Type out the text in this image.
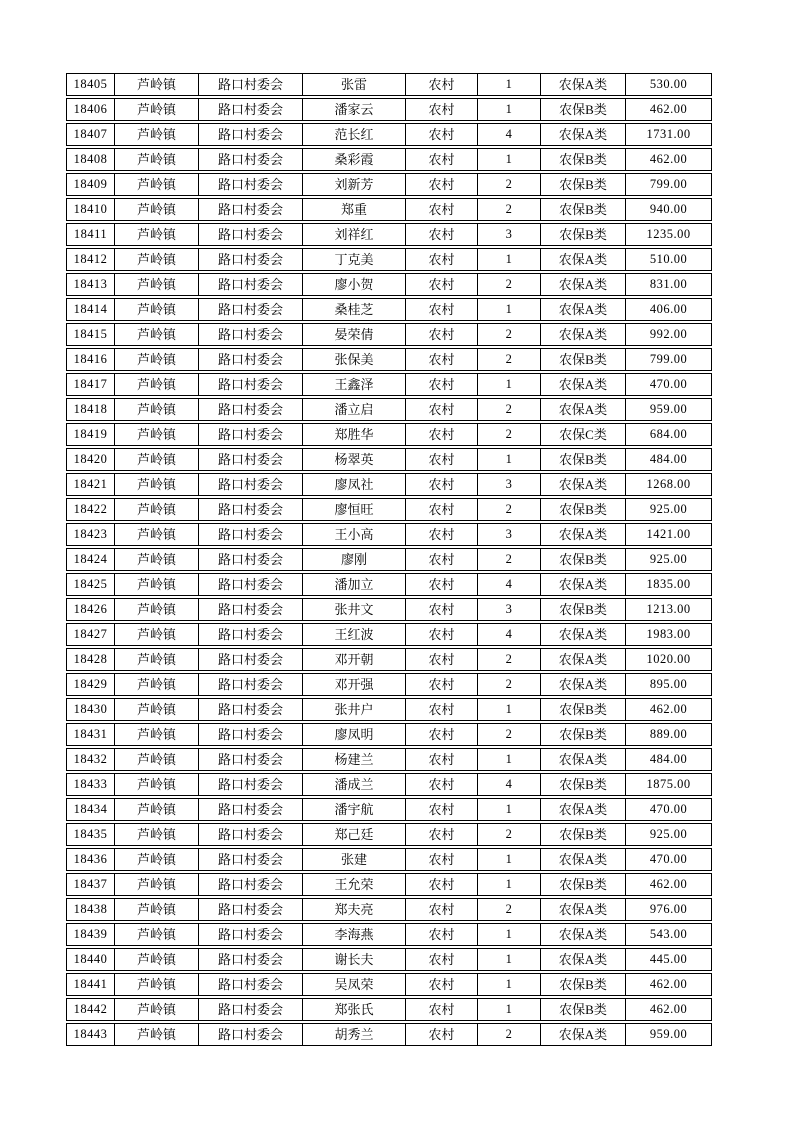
18405	芦岭镇	路口村委会	张雷	农村	1	农保A类	530.00
18406	芦岭镇	路口村委会	潘家云	农村	1	农保B类	462.00
18407	芦岭镇	路口村委会	范长红	农村	4	农保A类	1731.00
18408	芦岭镇	路口村委会	桑彩霞	农村	1	农保B类	462.00
18409	芦岭镇	路口村委会	刘新芳	农村	2	农保B类	799.00
18410	芦岭镇	路口村委会	郑重	农村	2	农保B类	940.00
18411	芦岭镇	路口村委会	刘祥红	农村	3	农保B类	1235.00
18412	芦岭镇	路口村委会	丁克美	农村	1	农保A类	510.00
18413	芦岭镇	路口村委会	廖小贺	农村	2	农保A类	831.00
18414	芦岭镇	路口村委会	桑桂芝	农村	1	农保A类	406.00
18415	芦岭镇	路口村委会	晏荣倩	农村	2	农保A类	992.00
18416	芦岭镇	路口村委会	张保美	农村	2	农保B类	799.00
18417	芦岭镇	路口村委会	王鑫泽	农村	1	农保A类	470.00
18418	芦岭镇	路口村委会	潘立启	农村	2	农保A类	959.00
18419	芦岭镇	路口村委会	郑胜华	农村	2	农保C类	684.00
18420	芦岭镇	路口村委会	杨翠英	农村	1	农保B类	484.00
18421	芦岭镇	路口村委会	廖凤社	农村	3	农保A类	1268.00
18422	芦岭镇	路口村委会	廖恒旺	农村	2	农保B类	925.00
18423	芦岭镇	路口村委会	王小高	农村	3	农保A类	1421.00
18424	芦岭镇	路口村委会	廖刚	农村	2	农保B类	925.00
18425	芦岭镇	路口村委会	潘加立	农村	4	农保A类	1835.00
18426	芦岭镇	路口村委会	张井文	农村	3	农保B类	1213.00
18427	芦岭镇	路口村委会	王红波	农村	4	农保A类	1983.00
18428	芦岭镇	路口村委会	邓开朝	农村	2	农保A类	1020.00
18429	芦岭镇	路口村委会	邓开强	农村	2	农保A类	895.00
18430	芦岭镇	路口村委会	张井户	农村	1	农保B类	462.00
18431	芦岭镇	路口村委会	廖凤明	农村	2	农保B类	889.00
18432	芦岭镇	路口村委会	杨建兰	农村	1	农保A类	484.00
18433	芦岭镇	路口村委会	潘成兰	农村	4	农保B类	1875.00
18434	芦岭镇	路口村委会	潘宇航	农村	1	农保A类	470.00
18435	芦岭镇	路口村委会	郑己廷	农村	2	农保B类	925.00
18436	芦岭镇	路口村委会	张建	农村	1	农保A类	470.00
18437	芦岭镇	路口村委会	王允荣	农村	1	农保B类	462.00
18438	芦岭镇	路口村委会	郑夫亮	农村	2	农保A类	976.00
18439	芦岭镇	路口村委会	李海燕	农村	1	农保A类	543.00
18440	芦岭镇	路口村委会	谢长夫	农村	1	农保A类	445.00
18441	芦岭镇	路口村委会	吴凤荣	农村	1	农保B类	462.00
18442	芦岭镇	路口村委会	郑张氏	农村	1	农保B类	462.00
18443	芦岭镇	路口村委会	胡秀兰	农村	2	农保A类	959.00
